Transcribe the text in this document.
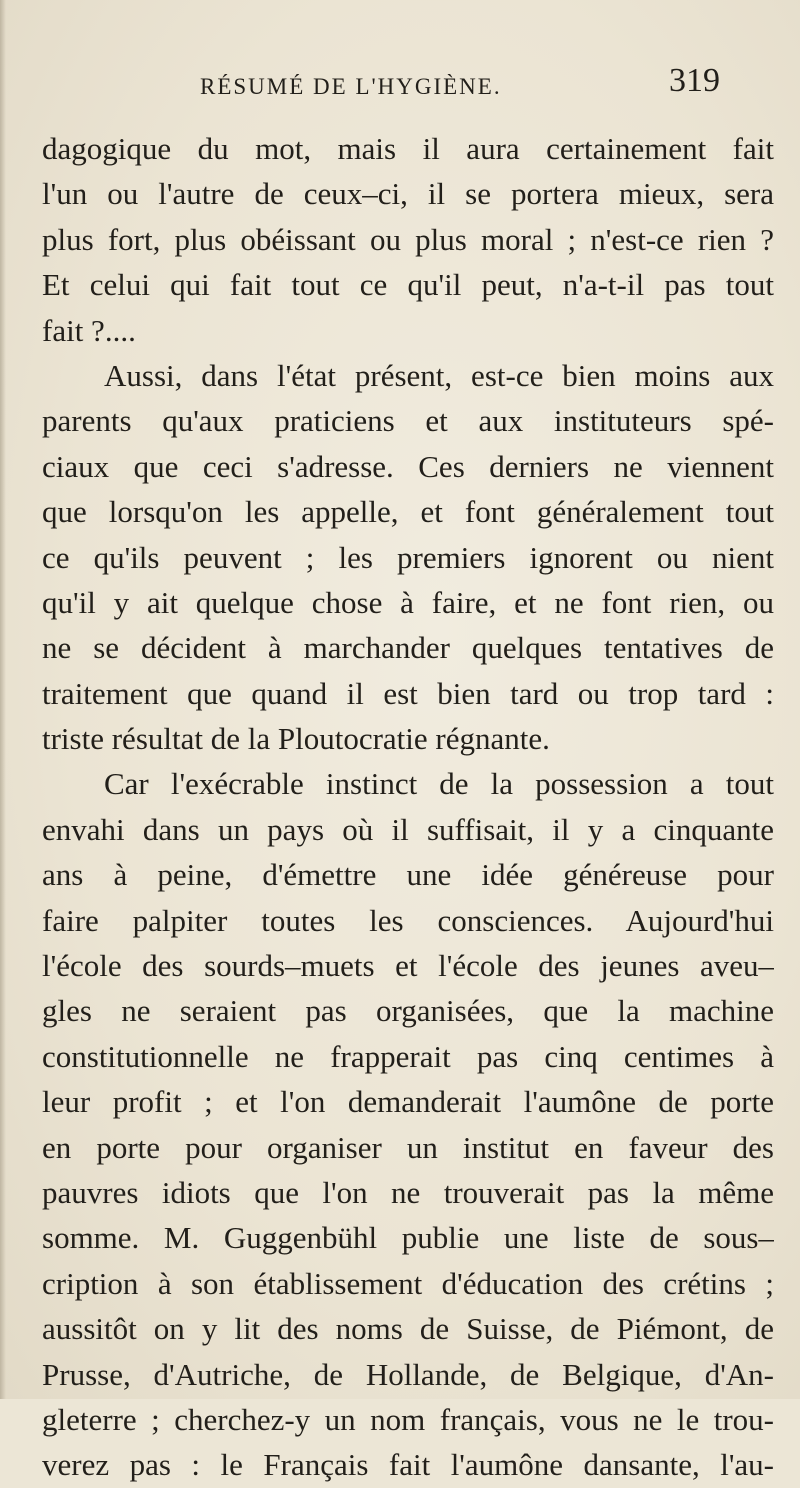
RÉSUMÉ DE L'HYGIÈNE.	319
dagogique du mot, mais il aura certainement fait
l'un ou l'autre de ceux–ci, il se portera mieux, sera
plus fort, plus obéissant ou plus moral ; n'est-ce rien ?
Et celui qui fait tout ce qu'il peut, n'a-t-il pas tout
fait ?....
Aussi, dans l'état présent, est-ce bien moins aux
parents qu'aux praticiens et aux instituteurs spé-
ciaux que ceci s'adresse. Ces derniers ne viennent
que lorsqu'on les appelle, et font généralement tout
ce qu'ils peuvent ; les premiers ignorent ou nient
qu'il y ait quelque chose à faire, et ne font rien, ou
ne se décident à marchander quelques tentatives de
traitement que quand il est bien tard ou trop tard :
triste résultat de la Ploutocratie régnante.
Car l'exécrable instinct de la possession a tout
envahi dans un pays où il suffisait, il y a cinquante
ans à peine, d'émettre une idée généreuse pour
faire palpiter toutes les consciences. Aujourd'hui
l'école des sourds–muets et l'école des jeunes aveu–
gles ne seraient pas organisées, que la machine
constitutionnelle ne frapperait pas cinq centimes à
leur profit ; et l'on demanderait l'aumône de porte
en porte pour organiser un institut en faveur des
pauvres idiots que l'on ne trouverait pas la même
somme. M. Guggenbühl publie une liste de sous–
cription à son établissement d'éducation des crétins ;
aussitôt on y lit des noms de Suisse, de Piémont, de
Prusse, d'Autriche, de Hollande, de Belgique, d'An-
gleterre ; cherchez-y un nom français, vous ne le trou-
verez pas : le Français fait l'aumône dansante, l'au-
